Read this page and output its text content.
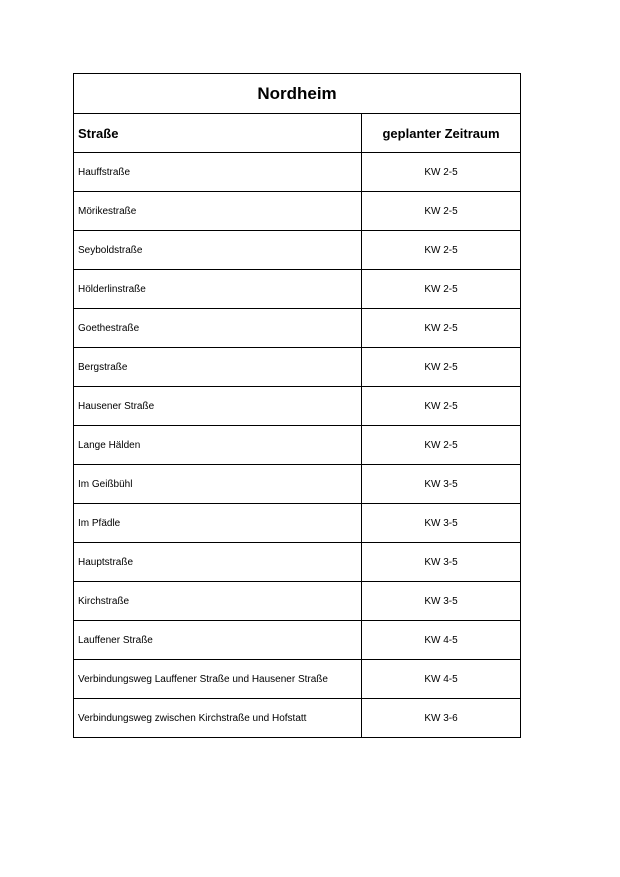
Nordheim	
Straße	geplanter Zeitraum
Hauffstraße	KW 2-5
Mörikestraße	KW 2-5
Seyboldstraße	KW 2-5
Hölderlinstraße	KW 2-5
Goethestraße	KW 2-5
Bergstraße	KW 2-5
Hausener Straße	KW 2-5
Lange Hälden	KW 2-5
Im Geißbühl	KW 3-5
Im Pfädle	KW 3-5
Hauptstraße	KW 3-5
Kirchstraße	KW 3-5
Lauffener Straße	KW 4-5
Verbindungsweg Lauffener Straße und Hausener Straße	KW 4-5
Verbindungsweg zwischen Kirchstraße und Hofstatt	KW 3-6
